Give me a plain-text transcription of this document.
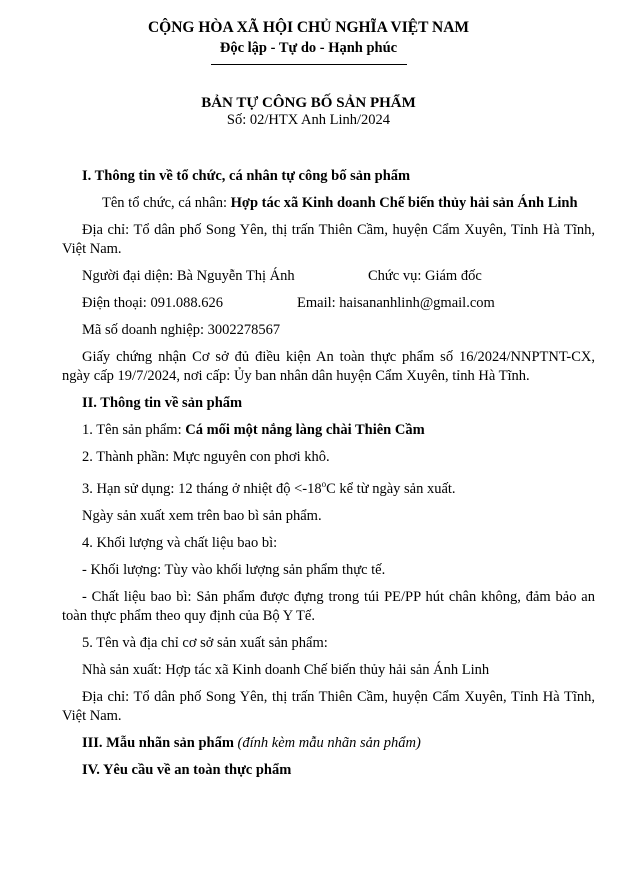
CỘNG HÒA XÃ HỘI CHỦ NGHĨA VIỆT NAM
Độc lập - Tự do - Hạnh phúc
BẢN TỰ CÔNG BỐ SẢN PHẨM
Số: 02/HTX Anh Linh/2024

I. Thông tin về tổ chức, cá nhân tự công bố sản phẩm

Tên tổ chức, cá nhân: Hợp tác xã Kinh doanh Chế biến thủy hải sản Ánh Linh

Địa chỉ: Tổ dân phố Song Yên, thị trấn Thiên Cầm, huyện Cẩm Xuyên, Tỉnh Hà Tĩnh, Việt Nam.

Người đại diện: Bà Nguyễn Thị Ánh	Chức vụ: Giám đốc

Điện thoại: 091.088.626	Email: haisananhlinh@gmail.com

Mã số doanh nghiệp: 3002278567

Giấy chứng nhận Cơ sở đủ điều kiện An toàn thực phẩm số 16/2024/NNPTNT-CX, ngày cấp 19/7/2024, nơi cấp: Ủy ban nhân dân huyện Cẩm Xuyên, tỉnh Hà Tĩnh.

II. Thông tin về sản phẩm

1. Tên sản phẩm: Cá mối một nắng làng chài Thiên Cầm

2. Thành phần: Mực nguyên con phơi khô.

3. Hạn sử dụng: 12 tháng ở nhiệt độ $<-18^oC$ kể từ ngày sản xuất.

Ngày sản xuất xem trên bao bì sản phẩm.

4. Khối lượng và chất liệu bao bì:

- Khối lượng: Tùy vào khối lượng sản phẩm thực tế.

- Chất liệu bao bì: Sản phẩm được đựng trong túi PE/PP hút chân không, đảm bảo an toàn thực phẩm theo quy định của Bộ Y Tế.

5. Tên và địa chỉ cơ sở sản xuất sản phẩm:

Nhà sản xuất: Hợp tác xã Kinh doanh Chế biến thủy hải sản Ánh Linh

Địa chỉ: Tổ dân phố Song Yên, thị trấn Thiên Cầm, huyện Cẩm Xuyên, Tỉnh Hà Tĩnh, Việt Nam.

III. Mẫu nhãn sản phẩm (đính kèm mẫu nhãn sản phẩm)

IV. Yêu cầu về an toàn thực phẩm
